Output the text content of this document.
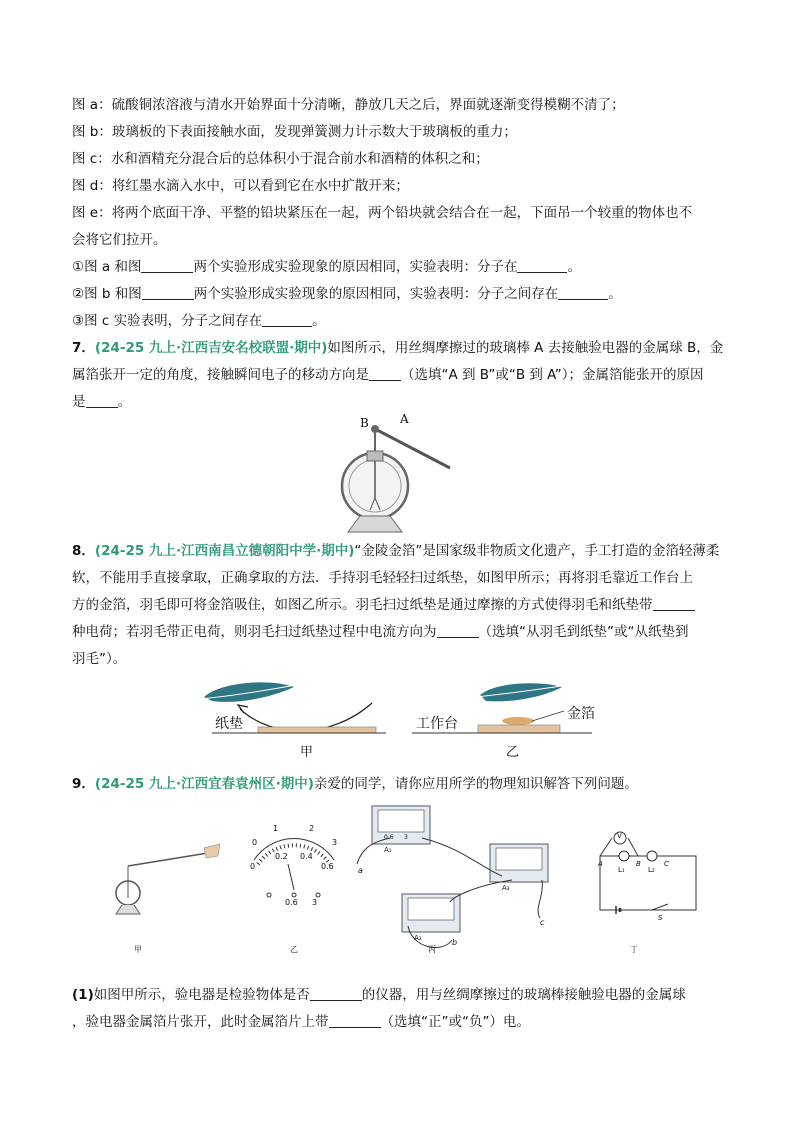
图 a：硫酸铜浓溶液与清水开始界面十分清晰，静放几天之后，界面就逐渐变得模糊不清了；
图 b：玻璃板的下表面接触水面，发现弹簧测力计示数大于玻璃板的重力；
图 c：水和酒精充分混合后的总体积小于混合前水和酒精的体积之和；
图 d：将红墨水滴入水中，可以看到它在水中扩散开来；
图 e：将两个底面干净、平整的铅块紧压在一起，两个铅块就会结合在一起，下面吊一个较重的物体也不
会将它们拉开。
①图 a 和图	两个实验形成实验现象的原因相同，实验表明：分子在	。
②图 b 和图	两个实验形成实验现象的原因相同，实验表明：分子之间存在	。
③图 c 实验表明，分子之间存在	。
7．(24-25 九上·江西吉安名校联盟·期中)如图所示，用丝绸摩擦过的玻璃棒 A 去接触验电器的金属球 B，金
属箔张开一定的角度，接触瞬间电子的移动方向是 （选填“A 到 B”或“B 到 A”）；金属箔能张开的原因
是 。
B	A
8．(24-25 九上·江西南昌立德朝阳中学·期中)“金陵金箔”是国家级非物质文化遗产，手工打造的金箔轻薄柔
软，不能用手直接拿取，正确拿取的方法．手持羽毛轻轻扫过纸垫，如图甲所示；再将羽毛靠近工作台上
方的金箔，羽毛即可将金箔吸住，如图乙所示。羽毛扫过纸垫是通过摩擦的方式使得羽毛和纸垫带
种电荷；若羽毛带正电荷，则羽毛扫过纸垫过程中电流方向为	（选填“从羽毛到纸垫”或“从纸垫到
羽毛”）。
纸垫
甲
工作台
金箔
乙
9．(24-25 九上·江西宜春袁州区·期中)亲爱的同学，请你应用所学的物理知识解答下列问题。
0
1	2
3
0
0.2 0.4
0.6
0.6 3
a
c
b
A₁
A₃
A₂
0.6 3	V
A	B	C
L₁	L₂
S
甲	乙	丙	丁
(1)如图甲所示，验电器是检验物体是否	的仪器，用与丝绸摩擦过的玻璃棒接触验电器的金属球
，验电器金属箔片张开，此时金属箔片上带	（选填“正”或“负”）电。
